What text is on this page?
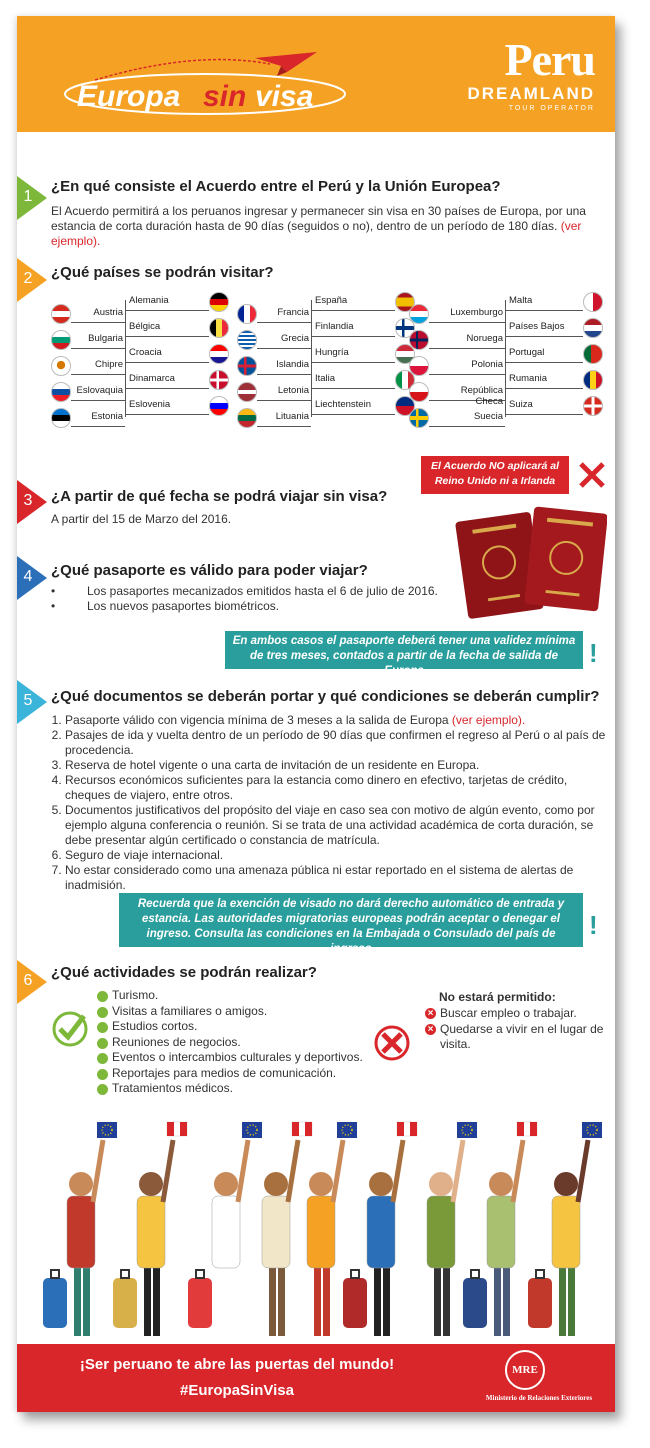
Europa sin visa
Peru
DREAMLAND
TOUR OPERATOR
1
¿En qué consiste el Acuerdo entre el Perú y la Unión Europea?
El Acuerdo permitirá a los peruanos ingresar y permanecer sin visa en 30 países de Europa, por una estancia de corta duración hasta de 90 días (seguidos o no), dentro de un período de 180 días. (ver ejemplo).
2	¿Qué países se podrán visitar?
Austria
Bulgaria
Chipre
Eslovaquia
Estonia
Alemania
Bélgica
Croacia
Dinamarca
Eslovenia
Francia
Grecia
Islandia
Letonia
Lituania
España
Finlandia
Hungría
Italia
Liechtenstein
Luxemburgo
Noruega
Polonia
República Checa
Suecia
Malta
Países Bajos
Portugal
Rumania
Suiza
El Acuerdo NO aplicará al Reino Unido ni a Irlanda
3	¿A partir de qué fecha se podrá viajar sin visa?
A partir del 15 de Marzo del 2016.
4	¿Qué pasaporte es válido para poder viajar?
•	Los pasaportes mecanizados emitidos hasta el 6 de julio de 2016.
•	Los nuevos pasaportes biométricos.
En ambos casos el pasaporte deberá tener una validez mínima de tres meses, contados a partir de la fecha de salida de Europa
!
5	¿Qué documentos se deberán portar y qué condiciones se deberán cumplir?
1. Pasaporte válido con vigencia mínima de 3 meses a la salida de Europa (ver ejemplo).
2. Pasajes de ida y vuelta dentro de un período de 90 días que confirmen el regreso al Perú o al país de procedencia.
3. Reserva de hotel vigente o una carta de invitación de un residente en Europa.
4. Recursos económicos suficientes para la estancia como dinero en efectivo, tarjetas de crédito, cheques de viajero, entre otros.
5. Documentos justificativos del propósito del viaje en caso sea con motivo de algún evento, como por ejemplo alguna conferencia o reunión. Si se trata de una actividad académica de corta duración, se debe presentar algún certificado o constancia de matrícula.
6. Seguro de viaje internacional.
7. No estar considerado como una amenaza pública ni estar reportado en el sistema de alertas de inadmisión.
Recuerda que la exención de visado no dará derecho automático de entrada y estancia. Las autoridades migratorias europeas podrán aceptar o denegar el ingreso. Consulta las condiciones en la Embajada o Consulado del país de ingreso
!
6	¿Qué actividades se podrán realizar?
Turismo.
Visitas a familiares o amigos.
Estudios cortos.
Reuniones de negocios.
Eventos o intercambios culturales y deportivos.
Reportajes para medios de comunicación.
Tratamientos médicos.
No estará permitido:
× Buscar empleo o trabajar.
× Quedarse a vivir en el lugar de visita.
¡Ser peruano te abre las puertas del mundo!
#EuropaSinVisa
MRE
Ministerio de Relaciones Exteriores
